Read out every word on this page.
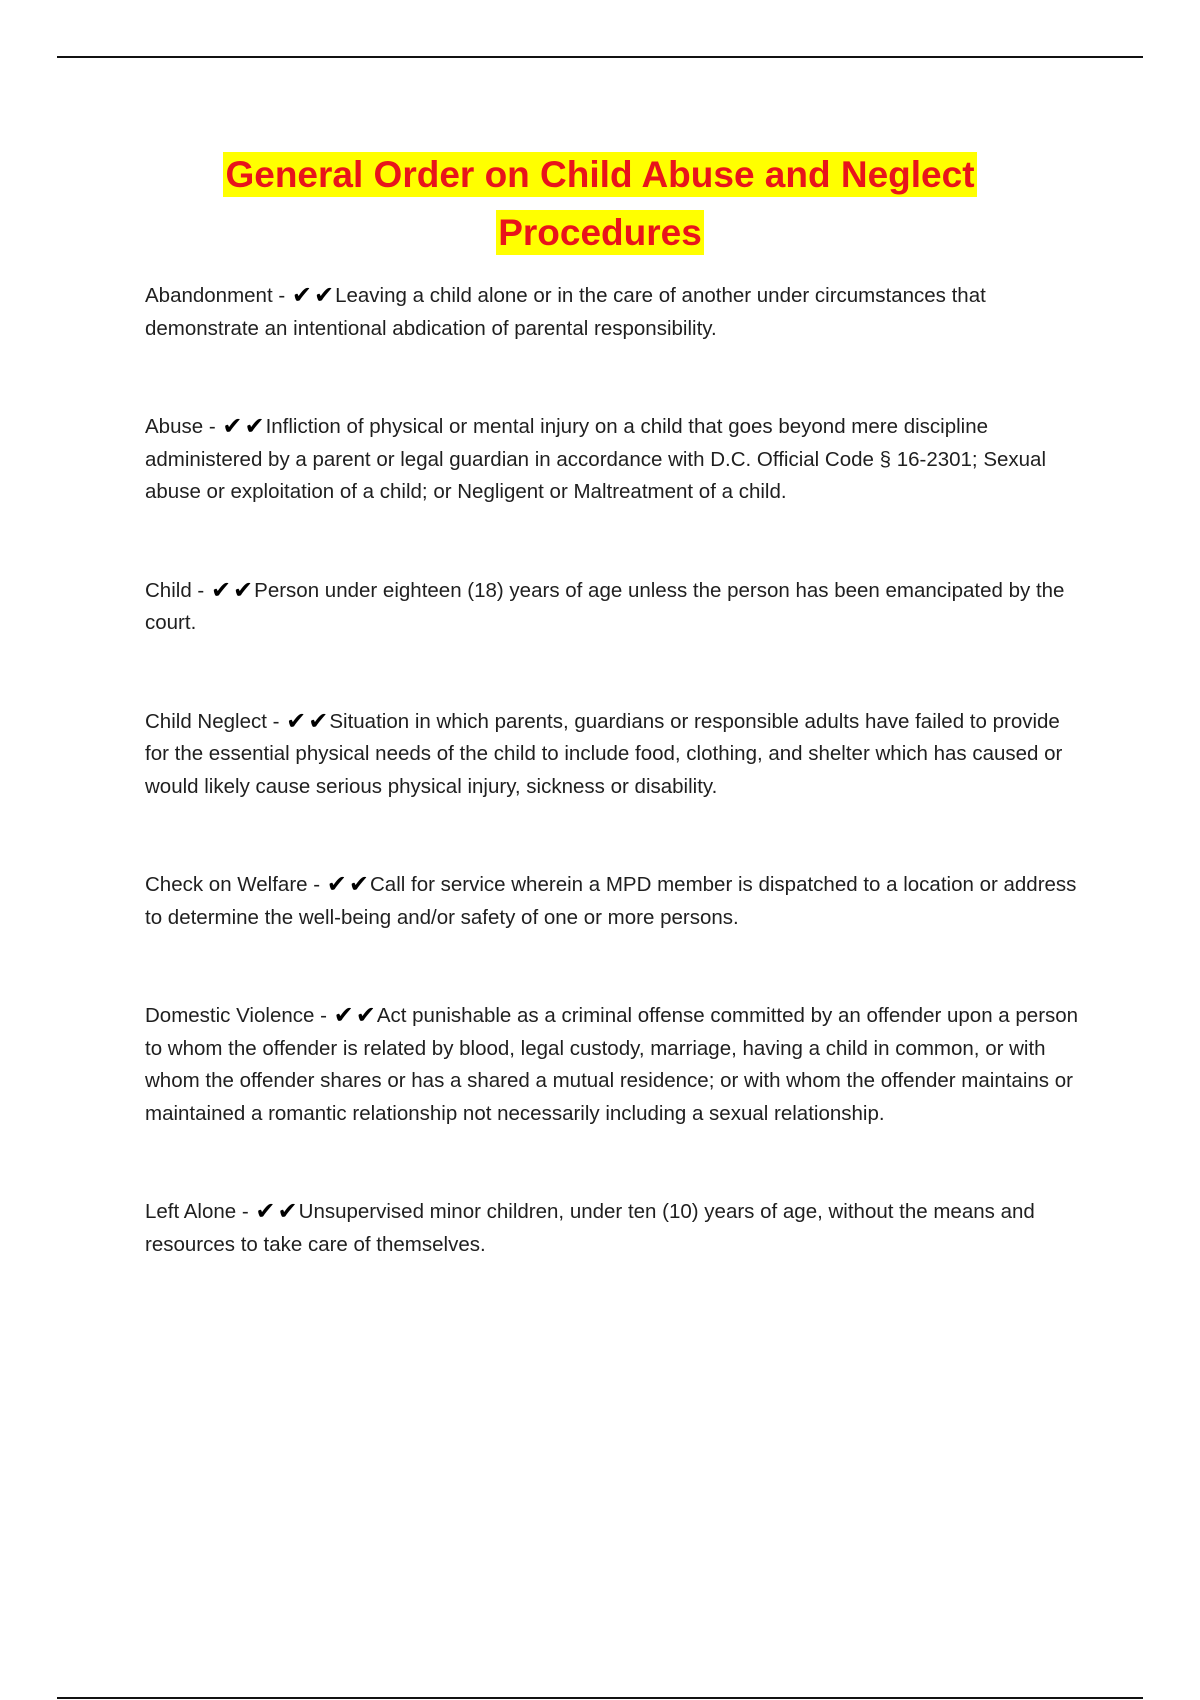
General Order on Child Abuse and Neglect
Procedures

Abandonment - ✔✔Leaving a child alone or in the care of another under circumstances that demonstrate an intentional abdication of parental responsibility.

Abuse - ✔✔Infliction of physical or mental injury on a child that goes beyond mere discipline administered by a parent or legal guardian in accordance with D.C. Official Code § 16-2301; Sexual abuse or exploitation of a child; or Negligent or Maltreatment of a child.

Child - ✔✔Person under eighteen (18) years of age unless the person has been emancipated by the court.

Child Neglect - ✔✔Situation in which parents, guardians or responsible adults have failed to provide for the essential physical needs of the child to include food, clothing, and shelter which has caused or would likely cause serious physical injury, sickness or disability.

Check on Welfare - ✔✔Call for service wherein a MPD member is dispatched to a location or address to determine the well-being and/or safety of one or more persons.

Domestic Violence - ✔✔Act punishable as a criminal offense committed by an offender upon a person to whom the offender is related by blood, legal custody, marriage, having a child in common, or with whom the offender shares or has a shared a mutual residence; or with whom the offender maintains or maintained a romantic relationship not necessarily including a sexual relationship.

Left Alone - ✔✔Unsupervised minor children, under ten (10) years of age, without the means and resources to take care of themselves.
